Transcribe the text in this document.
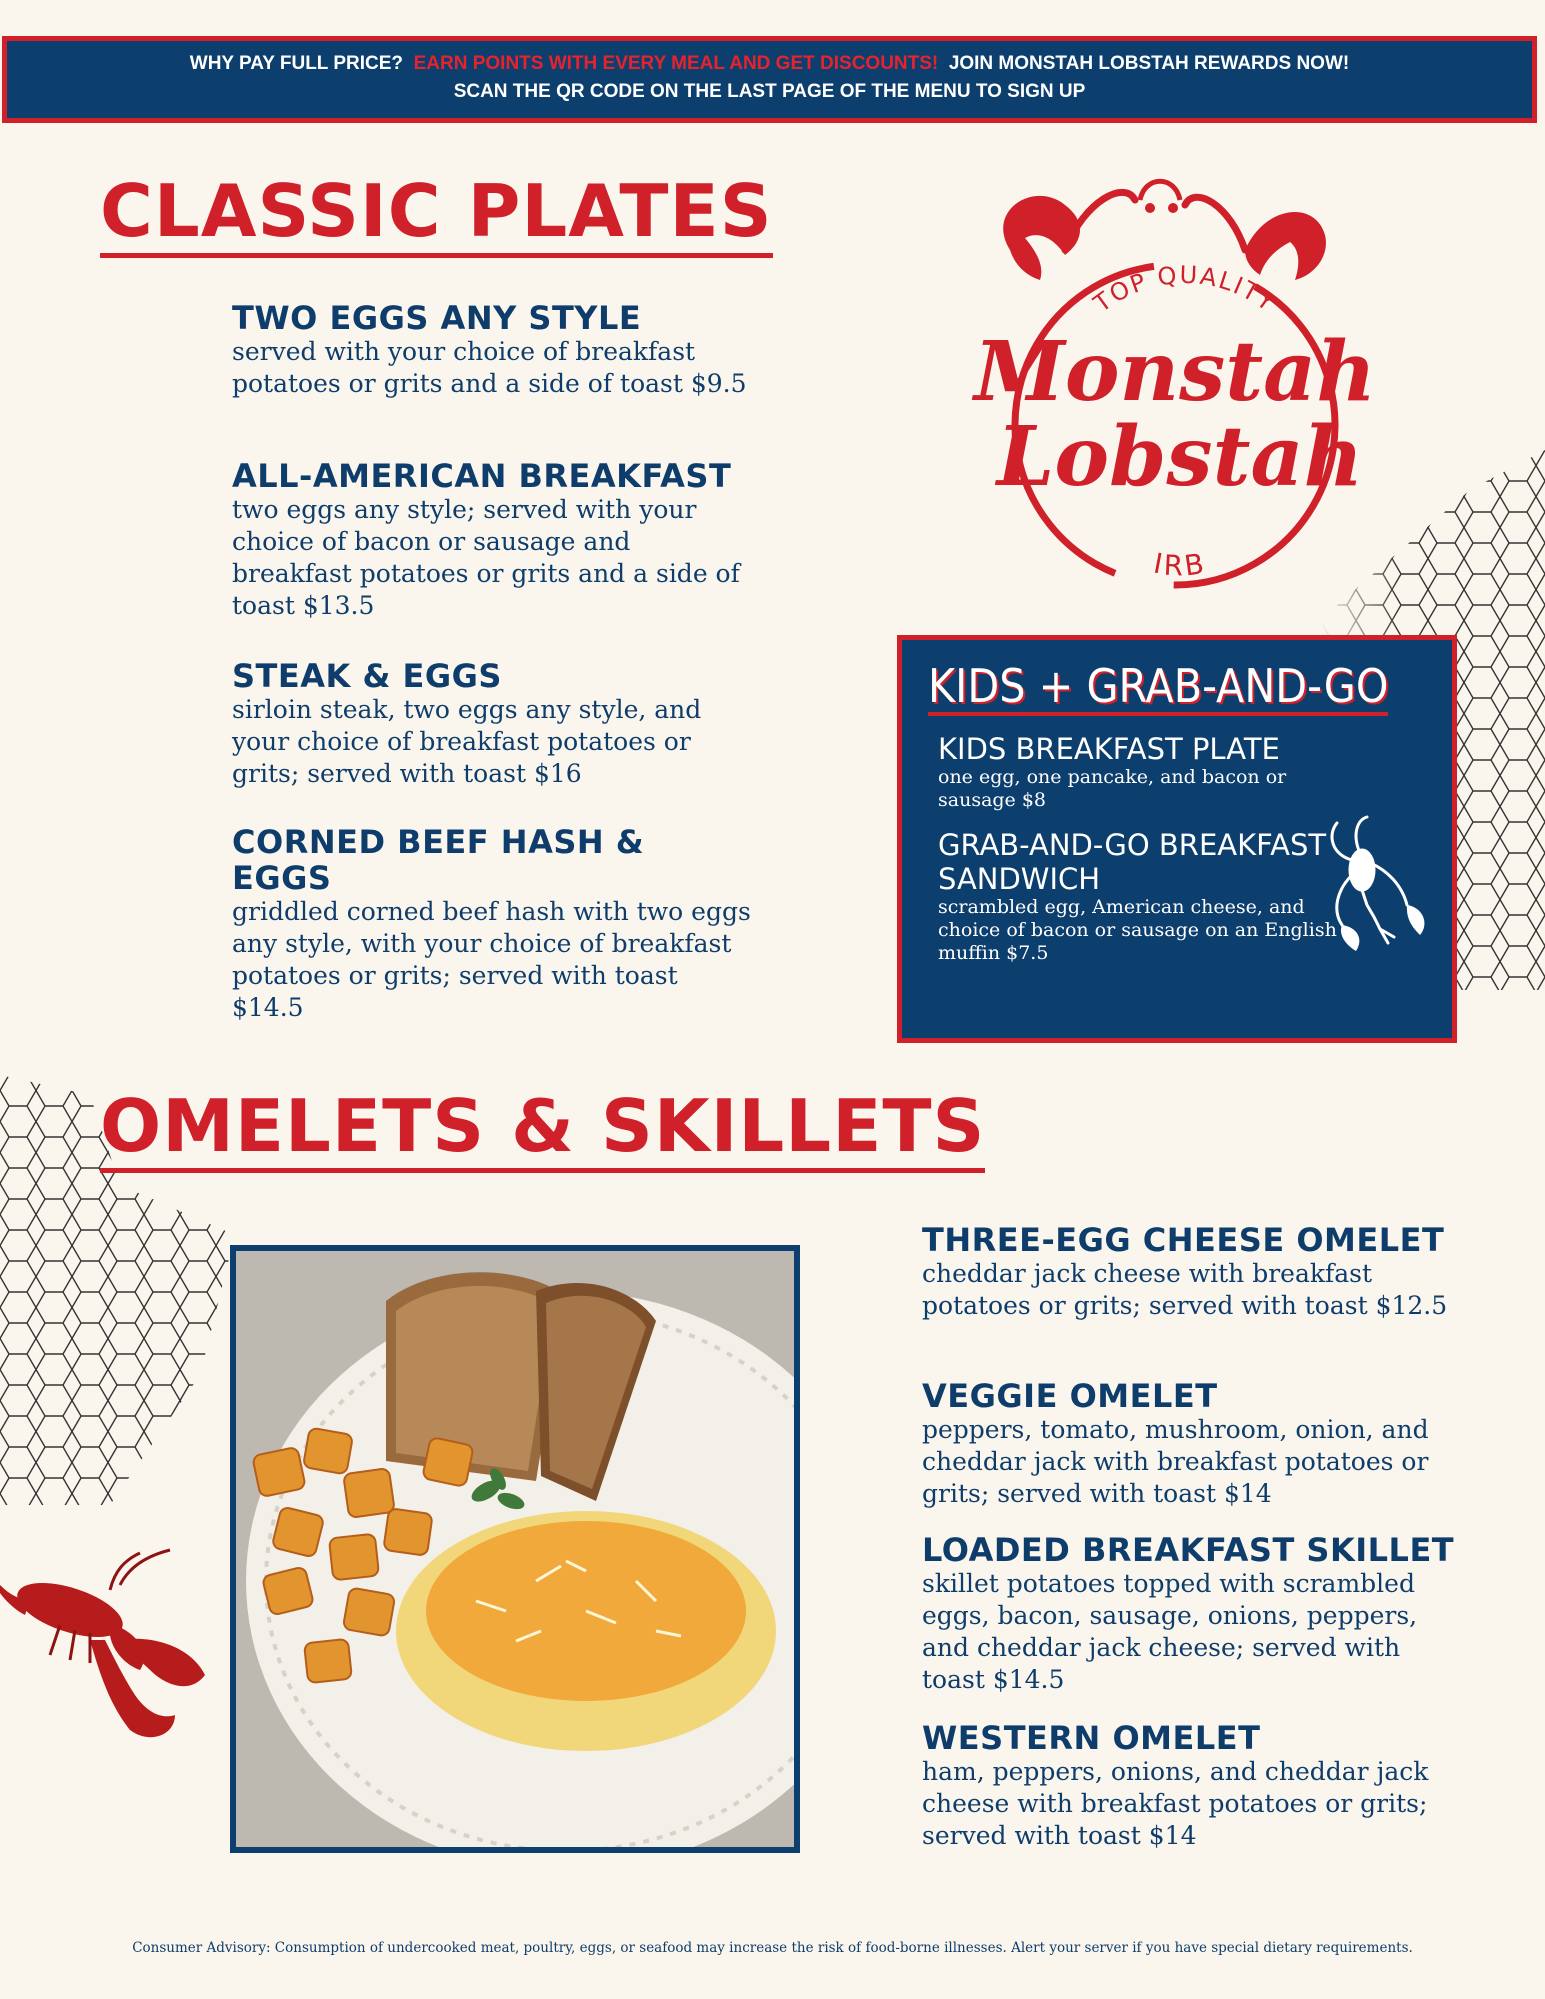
WHY PAY FULL PRICE? EARN POINTS WITH EVERY MEAL AND GET DISCOUNTS! JOIN MONSTAH LOBSTAH REWARDS NOW!
SCAN THE QR CODE ON THE LAST PAGE OF THE MENU TO SIGN UP
CLASSIC PLATES
TWO EGGS ANY STYLE
served with your choice of breakfast potatoes or grits and a side of toast $9.5
ALL-AMERICAN BREAKFAST
two eggs any style; served with your choice of bacon or sausage and breakfast potatoes or grits and a side of toast $13.5
STEAK & EGGS
sirloin steak, two eggs any style, and your choice of breakfast potatoes or grits; served with toast $16
CORNED BEEF HASH & EGGS
griddled corned beef hash with two eggs any style, with your choice of breakfast potatoes or grits; served with toast $14.5
TOP QUALITY
IRB
Monstah
Lobstah
KIDS + GRAB-AND-GO
KIDS BREAKFAST PLATE
one egg, one pancake, and bacon or sausage $8
GRAB-AND-GO BREAKFAST SANDWICH
scrambled egg, American cheese, and choice of bacon or sausage on an English muffin $7.5
OMELETS & SKILLETS
THREE-EGG CHEESE OMELET
cheddar jack cheese with breakfast potatoes or grits; served with toast $12.5
VEGGIE OMELET
peppers, tomato, mushroom, onion, and cheddar jack with breakfast potatoes or grits; served with toast $14
LOADED BREAKFAST SKILLET
skillet potatoes topped with scrambled eggs, bacon, sausage, onions, peppers, and cheddar jack cheese; served with toast $14.5
WESTERN OMELET
ham, peppers, onions, and cheddar jack cheese with breakfast potatoes or grits; served with toast $14
Consumer Advisory: Consumption of undercooked meat, poultry, eggs, or seafood may increase the risk of food-borne illnesses. Alert your server if you have special dietary requirements.
